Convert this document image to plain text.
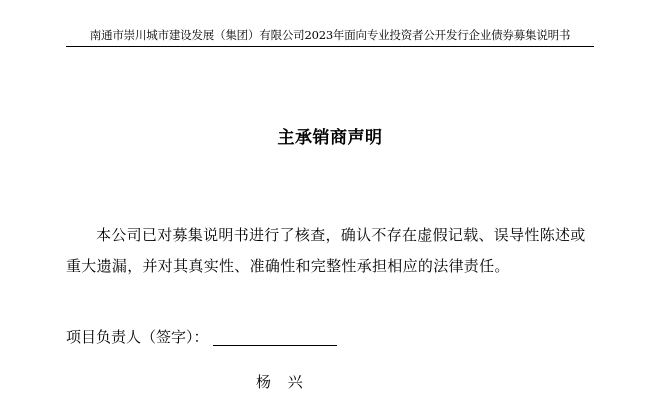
南通市崇川城市建设发展（集团）有限公司2023年面向专业投资者公开发行企业债券募集说明书
主承销商声明
本公司已对募集说明书进行了核查，确认不存在虚假记载、误导性陈述或
重大遗漏，并对其真实性、准确性和完整性承担相应的法律责任。
项目负责人（签字）：
杨 兴
